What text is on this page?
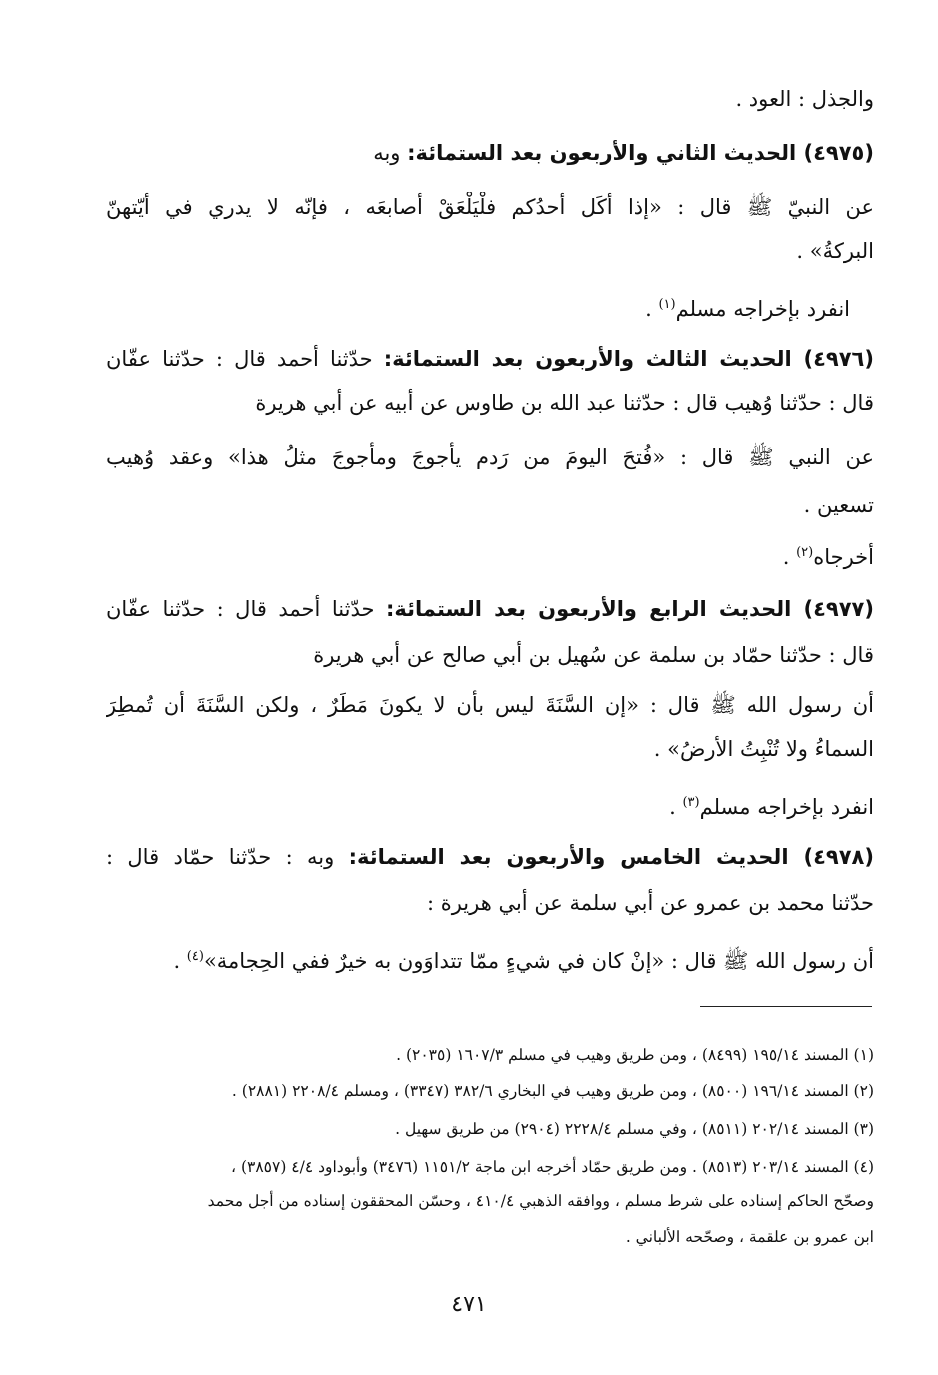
والجذل : العود .
(٤٩٧٥) الحديث الثاني والأربعون بعد الستمائة: وبه
عن النبيّ ﷺ قال : «إذا أكَل أحدُكم فلْيَلْعَقْ أصابعَه ، فإنّه لا يدري في أيّتهنّ
البركةُ» .
انفرد بإخراجه مسلم$^{(١)}$ .
(٤٩٧٦) الحديث الثالث والأربعون بعد الستمائة: حدّثنا أحمد قال : حدّثنا عفّان
قال : حدّثنا وُهيب قال : حدّثنا عبد الله بن طاوس عن أبيه عن أبي هريرة
عن النبي ﷺ قال : «فُتحَ اليومَ من رَدم يأجوجَ ومأجوجَ مثلُ هذا» وعقد وُهيب
تسعين .
أخرجاه$^{(٢)}$ .
(٤٩٧٧) الحديث الرابع والأربعون بعد الستمائة: حدّثنا أحمد قال : حدّثنا عفّان
قال : حدّثنا حمّاد بن سلمة عن سُهيل بن أبي صالح عن أبي هريرة
أن رسول الله ﷺ قال : «إن السَّنَةَ ليس بأن لا يكونَ مَطَرٌ ، ولكن السَّنَةَ أن تُمطِرَ
السماءُ ولا تُنْبِتُ الأرضُ» .
انفرد بإخراجه مسلم$^{(٣)}$ .
(٤٩٧٨) الحديث الخامس والأربعون بعد الستمائة: وبه : حدّثنا حمّاد قال :
حدّثنا محمد بن عمرو عن أبي سلمة عن أبي هريرة :
أن رسول الله ﷺ قال : «إنْ كان في شيءٍ ممّا تتداوَون به خيرٌ ففي الحِجامة»$^{(٤)}$ .
(١) المسند ١٩٥/١٤ (٨٤٩٩) ، ومن طريق وهيب في مسلم ١٦٠٧/٣ (٢٠٣٥) .
(٢) المسند ١٩٦/١٤ (٨٥٠٠) ، ومن طريق وهيب في البخاري ٣٨٢/٦ (٣٣٤٧) ، ومسلم ٢٢٠٨/٤ (٢٨٨١) .
(٣) المسند ٢٠٢/١٤ (٨٥١١) ، وفي مسلم ٢٢٢٨/٤ (٢٩٠٤) من طريق سهيل .
(٤) المسند ٢٠٣/١٤ (٨٥١٣) . ومن طريق حمّاد أخرجه ابن ماجة ١١٥١/٢ (٣٤٧٦) وأبوداود ٤/٤ (٣٨٥٧) ،
وصحّح الحاكم إسناده على شرط مسلم ، ووافقه الذهبي ٤١٠/٤ ، وحسّن المحققون إسناده من أجل محمد
ابن عمرو بن علقمة ، وصحّحه الألباني .
٤٧١
